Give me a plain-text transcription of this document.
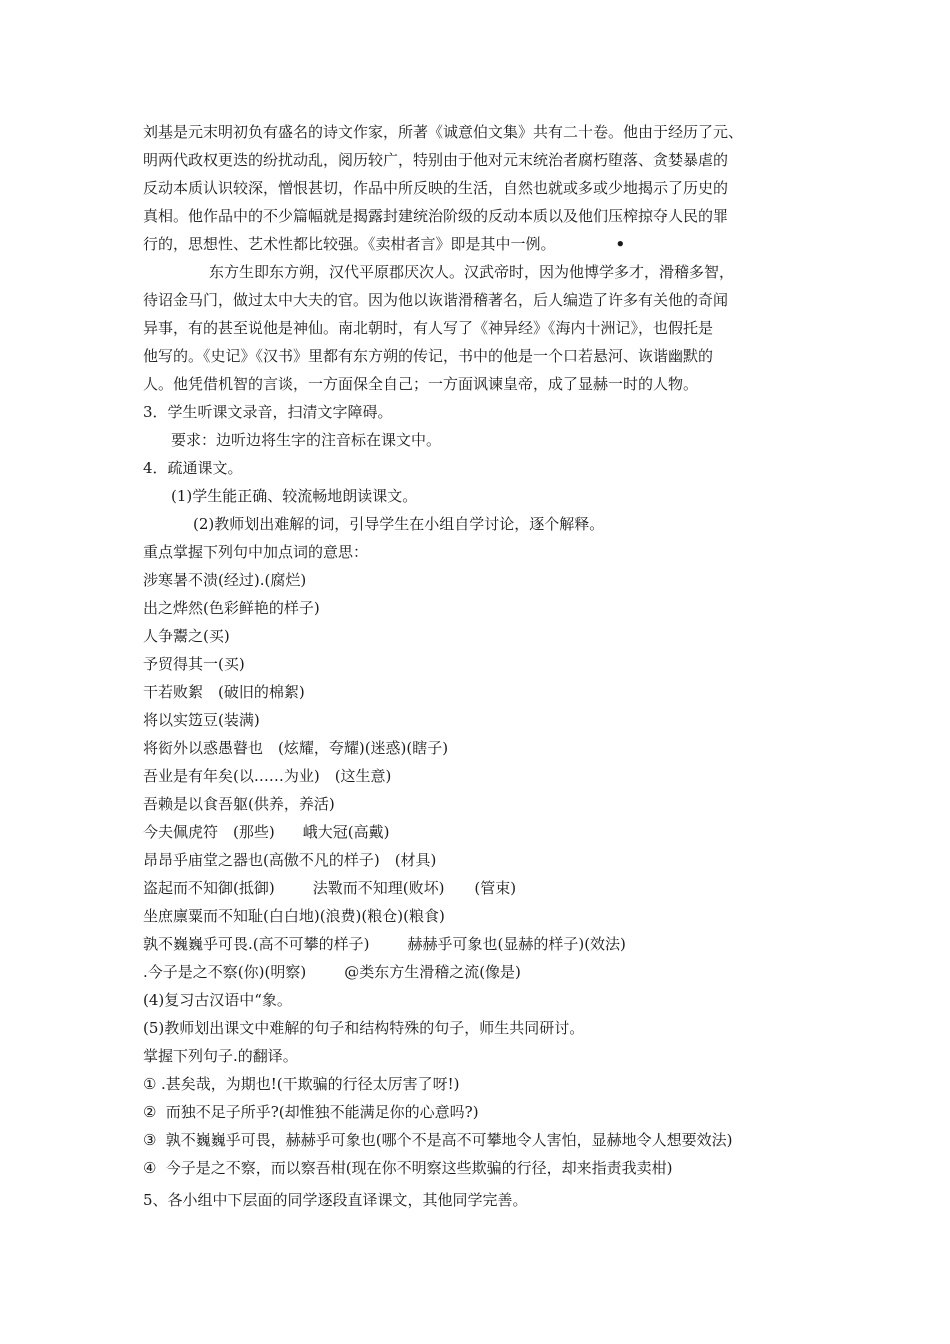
刘基是元末明初负有盛名的诗文作家，所著《诚意伯文集》共有二十卷。他由于经历了元、

明两代政权更迭的纷扰动乱，阅历较广，特别由于他对元末统治者腐朽堕落、贪婪暴虐的

反动本质认识较深，憎恨甚切，作品中所反映的生活，自然也就或多或少地揭示了历史的

真相。他作品中的不少篇幅就是揭露封建统治阶级的反动本质以及他们压榨掠夺人民的罪

行的，思想性、艺术性都比较强。《卖柑者言》即是其中一例。	•

东方生即东方朔，汉代平原郡厌次人。汉武帝时，因为他博学多才，滑稽多智，

待诏金马门，做过太中大夫的官。因为他以诙谐滑稽著名，后人编造了许多有关他的奇闻

异事，有的甚至说他是神仙。南北朝时，有人写了《神异经》《海内十洲记》，也假托是

他写的。《史记》《汉书》里都有东方朔的传记，书中的他是一个口若悬河、诙谐幽默的

人。他凭借机智的言谈，一方面保全自己；一方面讽谏皇帝，成了显赫一时的人物。

3．学生听课文录音，扫清文字障碍。

要求：边听边将生字的注音标在课文中。

4．疏通课文。

(1)学生能正确、较流畅地朗读课文。

(2)教师划出难解的词，引导学生在小组自学讨论，逐个解释。

重点掌握下列句中加点词的意思：

涉寒暑不溃(经过).(腐烂)

出之烨然(色彩鲜艳的样子)

人争鬻之(买)

予贸得其一(买)

干若败絮　(破旧的棉絮)

将以实笾豆(装满)

将衒外以惑愚瞽也　(炫耀，夸耀)(迷惑)(瞎子)

吾业是有年矣(以……为业)　(这生意)

吾赖是以食吾躯(供养，养活)

今夫佩虎符　(那些) 峨大冠(高戴)

昂昂乎庙堂之器也(高傲不凡的样子)　(材具)

盗起而不知御(抵御)	法斁而不知理(败坏)　　(管束)

坐庶廪粟而不知耻(白白地)(浪费)(粮仓)(粮食)

孰不巍巍乎可畏.(高不可攀的样子)	赫赫乎可象也(显赫的样子)(效法)

.今子是之不察(你)(明察)	@类东方生滑稽之流(像是)

(4)复习古汉语中“象。

(5)教师划出课文中难解的句子和结构特殊的句子，师生共同研讨。

掌握下列句子.的翻译。

① .甚矣哉，为期也!(干欺骗的行径太厉害了呀!)

② 而独不足子所乎?(却惟独不能满足你的心意吗?)

③ 孰不巍巍乎可畏，赫赫乎可象也(哪个不是高不可攀地令人害怕，显赫地令人想要效法)

④ 今子是之不察，而以察吾柑(现在你不明察这些欺骗的行径，却来指责我卖柑)

5、各小组中下层面的同学逐段直译课文，其他同学完善。
